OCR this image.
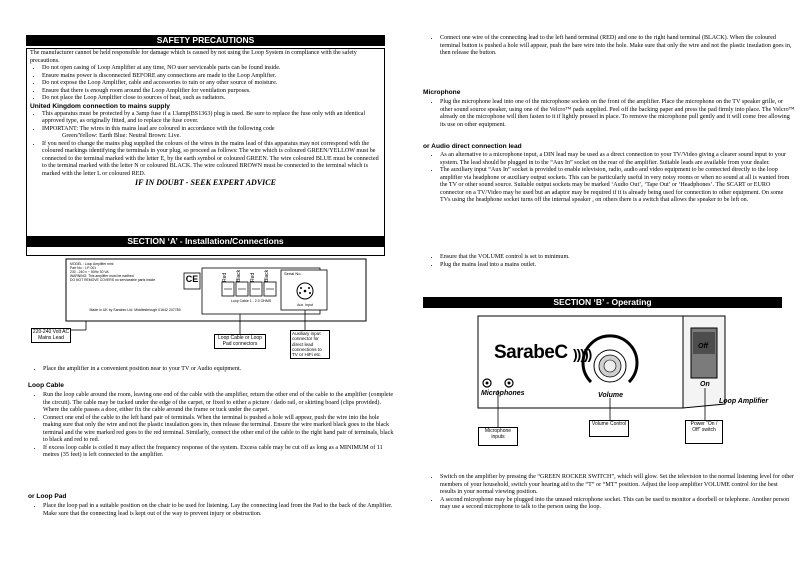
SAFETY PRECAUTIONS
The manufacturer cannot be held responsible for damage which is caused by not using the Loop System in compliance with the safety precautions.
• Do not open casing of Loop Amplifier at any time, NO user serviceable parts can be found inside.
• Ensure mains power is disconnected BEFORE any connections are made to the Loop Amplifier.
• Do not expose the Loop Amplifier, cable and accessories to rain or any other source of moisture.
• Ensure that there is enough room around the Loop Amplifier for ventilation purposes.
• Do not place the Loop Amplifier close to sources of heat, such as radiators.
United Kingdom connection to mains supply
• This apparatus must be protected by a 3amp fuse if a 13amp(BS1363) plug is used. Be sure to replace the fuse only with an identical approved type, as originally fitted, and to replace the fuse cover.
• IMPORTANT: The wires in this mains lead are coloured in accordance with the following code
Green/Yellow: Earth Blue: Neutral Brown: Live.
• If you need to change the mains plug supplied the colours of the wires in the mains lead of this apparatus may not correspond with the coloured markings identifying the terminals in your plug, so proceed as follows: The wire which is coloured GREEN/YELLOW must be connected to the terminal marked with the letter E, by the earth symbol or coloured GREEN. The wire coloured BLUE must be connected to the terminal marked with the letter N or coloured BLACK. The wire coloured BROWN must be connected to the terminal which is marked with the letter L or coloured RED.
IF IN DOUBT - SEEK EXPERT ADVICE
SECTION ‘A’ - Installation/Connections
MODEL : Loop Amplifier mini
Part No. : LP-001
230 - 240 v ~ 50Hz 30 VA
WARNING: This amplifier must be earthed
DO NOT REMOVE COVERS no serviceable parts inside	CE	Red	Black	Red	Black	Serial No.
Aux. Input
Loop Cable 1 - 2.0 OHMS
Made in UK by Sarabec Ltd. Middlesbrough 01642 247789
220-240 Volt AC Mains Lead	Loop Cable or Loop Pad connectors
Auxiliary input connector for direct lead connections to TV or HiFi etc.
• Place the amplifier in a convenient position near to your TV or Audio equipment.
Loop Cable
• Run the loop cable around the room, leaving one end of the cable with the amplifier, return the other end of the cable to the amplifier (complete the circuit). The cable may be tucked under the edge of the carpet, or fixed to either a picture / dado rail, or skirting board (clips provided). Where the cable passes a door, either fix the cable around the frame or tuck under the carpet.
• Connect one end of the cable to the left hand pair of terminals. When the terminal is pushed a hole will appear, push the wire into the hole making sure that only the wire and not the plastic insulation goes in, then release the terminal. Ensure the wire marked black goes to the black terminal and the wire marked red goes to the red terminal. Similarly, connect the other end of the cable to the right hand pair of terminals, black to black and red to red.
• If excess loop cable is coiled it may affect the frequency response of the system. Excess cable may be cut off as long as a MINIMUM of 11 metres (35 feet) is left connected to the amplifier.
or Loop Pad
• Place the loop pad in a suitable position on the chair to be used for listening. Lay the connecting lead from the Pad to the back of the Amplifier. Make sure that the connecting lead is kept out of the way to prevent injury or obstruction.
• Connect one wire of the connecting lead to the left hand terminal (RED) and one to the right hand terminal (BLACK). When the coloured terminal button is pushed a hole will appear, push the bare wire into the hole. Make sure that only the wire and not the plastic insulation goes in, then release the button.
Microphone
• Plug the microphone lead into one of the microphone sockets on the front of the amplifier. Place the microphone on the TV speaker grille, or other sound source speaker, using one of the Velcro™ pads supplied. Peel off the backing paper and press the pad firmly into place. The Velcro™ already on the microphone will then fasten to it if lightly pressed in place. To remove the microphone pull gently and it will come free allowing its use on other equipment.
or Audio direct connection lead
• As an alternative to a microphone input, a DIN lead may be used as a direct connection to your TV/Video giving a clearer sound input to your system. The lead should be plugged in to the “Aux In” socket on the rear of the amplifier. Suitable leads are available from your dealer.
• The auxiliary input “Aux In” socket is provided to enable television, radio, audio and video equipment to be connected directly to the loop amplifier via headphone or auxiliary output sockets. This can be particularly useful in very noisy rooms or when no sound at all is wanted from the TV or other sound source. Suitable output sockets may be marked ‘Audio Out’, ‘Tape Out’ or ‘Headphones’. The SCART or EURO connector on a TV/Video may be used but an adaptor may be required if it is already being used for connection to other equipment. On some TVs using the headphone socket turns off the internal speaker , on others there is a switch that allows the speaker to be left on.
• Ensure that the VOLUME control is set to minimum.
• Plug the mains lead into a mains outlet.
SECTION ‘B’ - Operating
SarabeC )))))	Off
On
Microphones	Volume
Loop Amplifier
Microphone inputs
Volume Control	Power “On / Off” switch
• Switch on the amplifier by pressing the “GREEN ROCKER SWITCH”, which will glow. Set the television to the normal listening level for other members of your household, switch your hearing aid to the “T” or “MT” position. Adjust the loop amplifier VOLUME control for the best results in your normal viewing position.
• A second microphone may be plugged into the unused microphone socket. This can be used to monitor a doorbell or telephone. Another person may use a second microphone to talk to the person using the loop.
